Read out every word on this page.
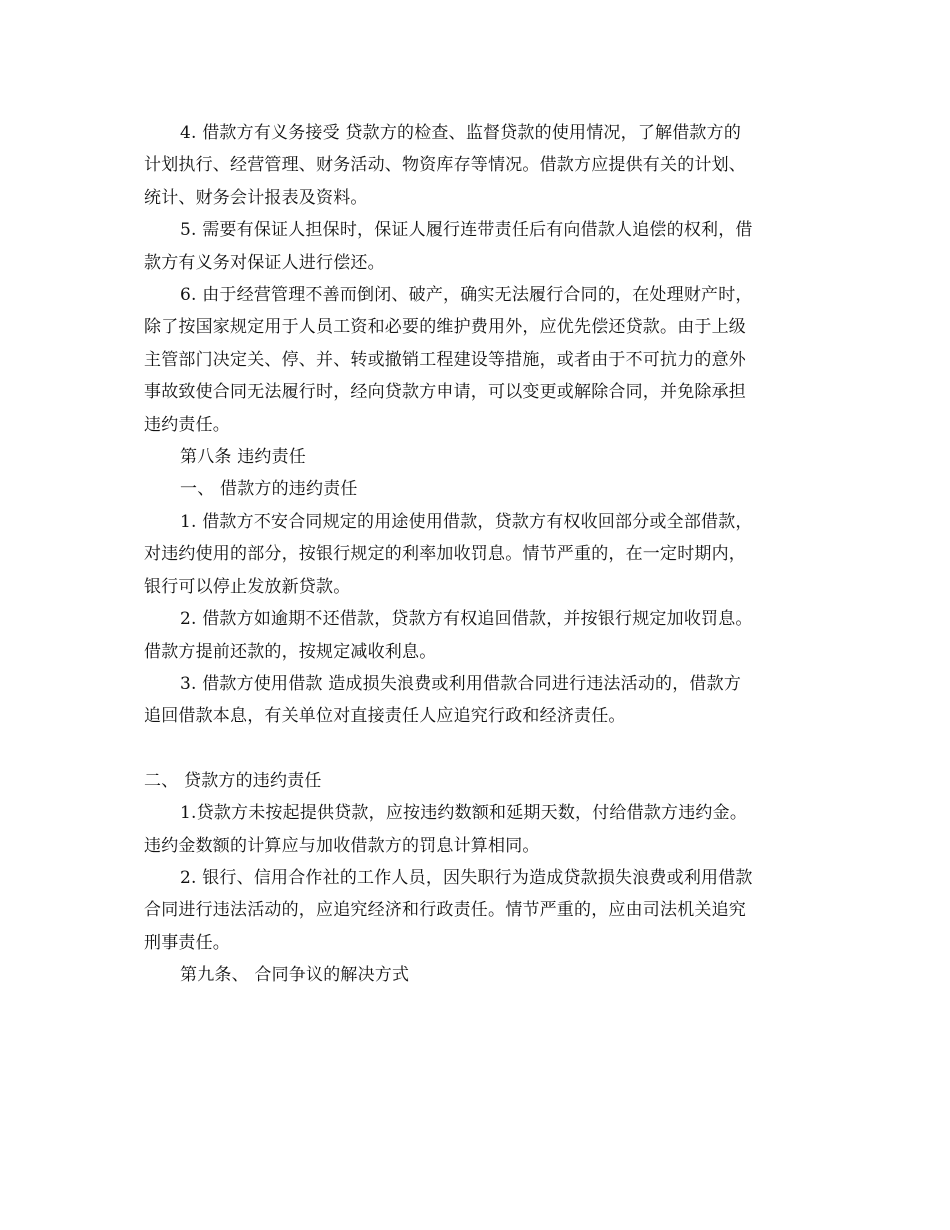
4. 借款方有义务接受 贷款方的检查、监督贷款的使用情况，了解借款方的

计划执行、经营管理、财务活动、物资库存等情况。借款方应提供有关的计划、

统计、财务会计报表及资料。

5. 需要有保证人担保时，保证人履行连带责任后有向借款人追偿的权利，借

款方有义务对保证人进行偿还。

6. 由于经营管理不善而倒闭、破产，确实无法履行合同的，在处理财产时，

除了按国家规定用于人员工资和必要的维护费用外，应优先偿还贷款。由于上级

主管部门决定关、停、并、转或撤销工程建设等措施，或者由于不可抗力的意外

事故致使合同无法履行时，经向贷款方申请，可以变更或解除合同，并免除承担

违约责任。

第八条 违约责任

一、 借款方的违约责任

1. 借款方不安合同规定的用途使用借款，贷款方有权收回部分或全部借款，

对违约使用的部分，按银行规定的利率加收罚息。情节严重的，在一定时期内，

银行可以停止发放新贷款。

2. 借款方如逾期不还借款，贷款方有权追回借款，并按银行规定加收罚息。

借款方提前还款的，按规定减收利息。

3. 借款方使用借款 造成损失浪费或利用借款合同进行违法活动的，借款方

追回借款本息，有关单位对直接责任人应追究行政和经济责任。

二、 贷款方的违约责任

1.贷款方未按起提供贷款，应按违约数额和延期天数，付给借款方违约金。

违约金数额的计算应与加收借款方的罚息计算相同。

2. 银行、信用合作社的工作人员，因失职行为造成贷款损失浪费或利用借款

合同进行违法活动的，应追究经济和行政责任。情节严重的，应由司法机关追究

刑事责任。

第九条、 合同争议的解决方式
